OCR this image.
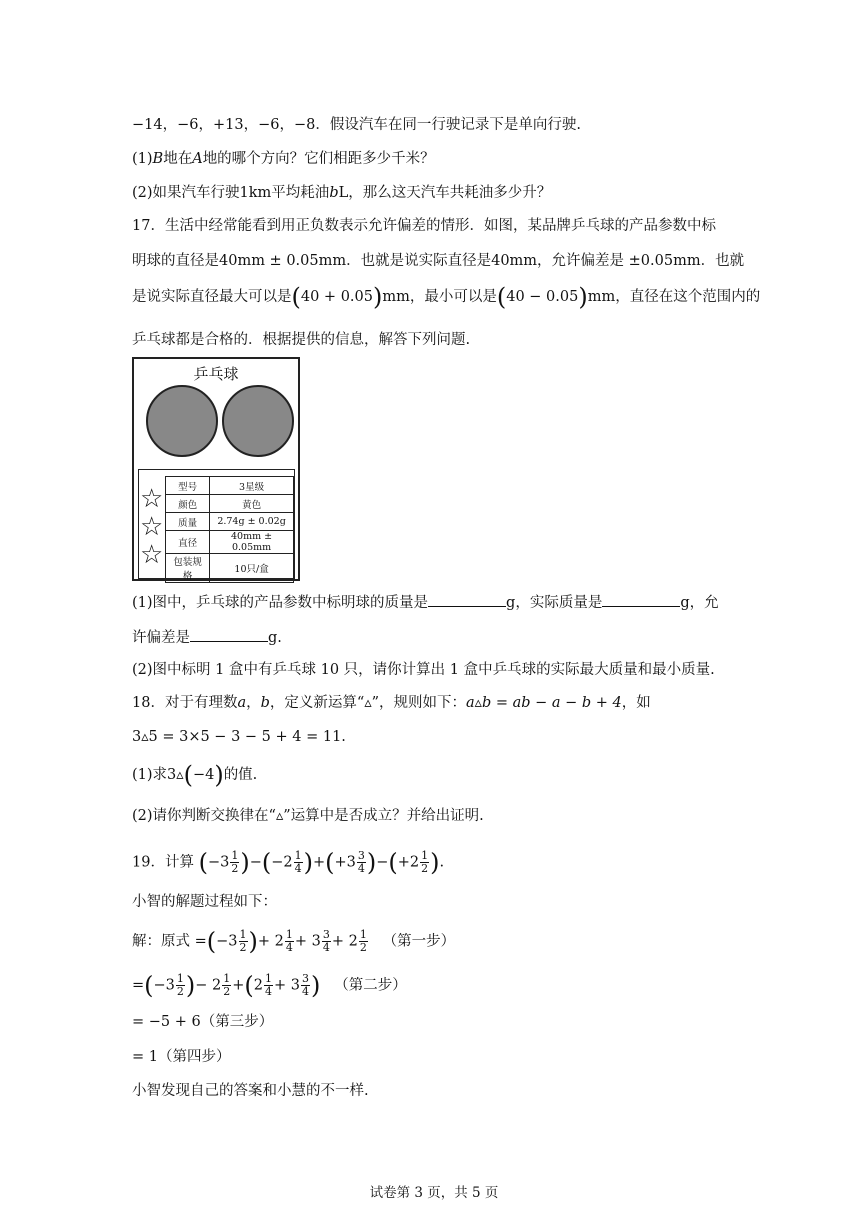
−14，−6，+13，−6，−8．假设汽车在同一行驶记录下是单向行驶.
(1)B地在A地的哪个方向？它们相距多少千米？
(2)如果汽车行驶1km平均耗油bL，那么这天汽车共耗油多少升？
17．生活中经常能看到用正负数表示允许偏差的情形．如图，某品牌乒乓球的产品参数中标
明球的直径是40mm ± 0.05mm．也就是说实际直径是40mm，允许偏差是 ±0.05mm．也就
是说实际直径最大可以是(40 + 0.05)mm，最小可以是(40 − 0.05)mm，直径在这个范围内的
乒乓球都是合格的．根据提供的信息，解答下列问题.
乒乓球
☆
☆
☆
型号	3星级
颜色	黄色
质量	2.74g ± 0.02g
直径	40mm ± 0.05mm
包装规格	10只/盒
(1)图中，乒乓球的产品参数中标明球的质量是	g，实际质量是	g，允
许偏差是	g.
(2)图中标明 1 盒中有乒乓球 10 只，请你计算出 1 盒中乒乓球的实际最大质量和最小质量.
18．对于有理数a，b，定义新运算“▵”，规则如下：a▵b = ab − a − b + 4，如
3▵5 = 3×5 − 3 − 5 + 4 = 11.
(1)求3▵(−4)的值.
(2)请你判断交换律在“▵”运算中是否成立？并给出证明.
19．计算 $(-3 \frac{1}{2} )-(-2 \frac{1}{4} )+(+3 \frac{3}{4} )-(+2 \frac{1}{2}$ ).
小智的解题过程如下：
解：原式 $=(-3 \frac{1}{2}$ )+ $2 \frac{1}{4} + 3 \frac{3}{4} + 2 \frac{1}{2}$ （第一步）
$=(-3 \frac{1}{2}$ )− $2 \frac{1}{2} +(2 \frac{1}{4} + 3 \frac{3}{4}$ ) （第二步）
= −5 + 6（第三步）
= 1（第四步）
小智发现自己的答案和小慧的不一样.
试卷第 3 页，共 5 页
